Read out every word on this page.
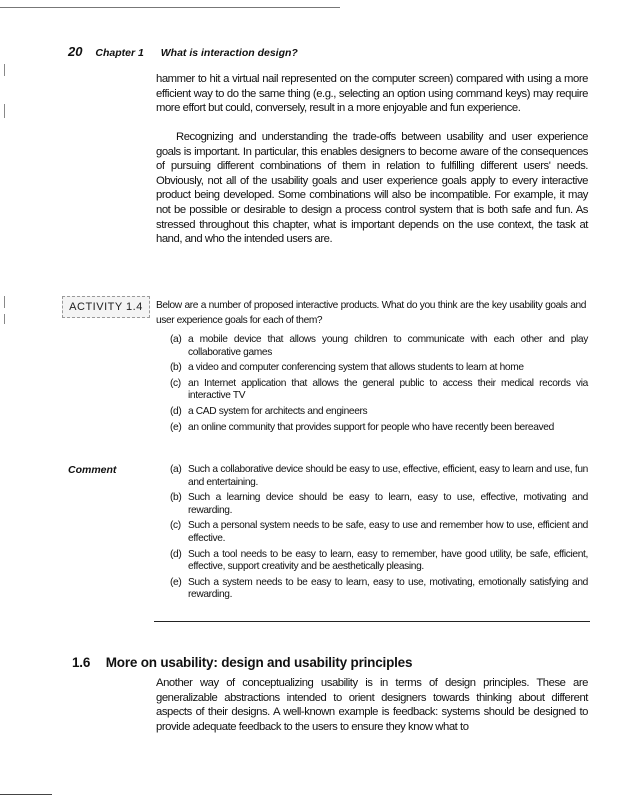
20 Chapter 1 What is interaction design?

hammer to hit a virtual nail represented on the computer screen) compared with using a more efficient way to do the same thing (e.g., selecting an option using command keys) may require more effort but could, conversely, result in a more enjoyable and fun experience.

Recognizing and understanding the trade-offs between usability and user experience goals is important. In particular, this enables designers to become aware of the consequences of pursuing different combinations of them in relation to fulfilling different users' needs. Obviously, not all of the usability goals and user experience goals apply to every interactive product being developed. Some combinations will also be incompatible. For example, it may not be possible or desirable to design a process control system that is both safe and fun. As stressed throughout this chapter, what is important depends on the use context, the task at hand, and who the intended users are.

ACTIVITY 1.4	Below are a number of proposed interactive products. What do you think are the key usability goals and user experience goals for each of them?

(a) a mobile device that allows young children to communicate with each other and play collaborative games
(b) a video and computer conferencing system that allows students to learn at home
(c) an Internet application that allows the general public to access their medical records via interactive TV
(d) a CAD system for architects and engineers
(e) an online community that provides support for people who have recently been bereaved
Comment	(a) Such a collaborative device should be easy to use, effective, efficient, easy to learn and use, fun and entertaining.
(b) Such a learning device should be easy to learn, easy to use, effective, motivating and rewarding.
(c) Such a personal system needs to be safe, easy to use and remember how to use, efficient and effective.
(d) Such a tool needs to be easy to learn, easy to remember, have good utility, be safe, efficient, effective, support creativity and be aesthetically pleasing.
(e) Such a system needs to be easy to learn, easy to use, motivating, emotionally satisfying and rewarding.
1.6 More on usability: design and usability principles

Another way of conceptualizing usability is in terms of design principles. These are generalizable abstractions intended to orient designers towards thinking about different aspects of their designs. A well-known example is feedback: systems should be designed to provide adequate feedback to the users to ensure they know what to
